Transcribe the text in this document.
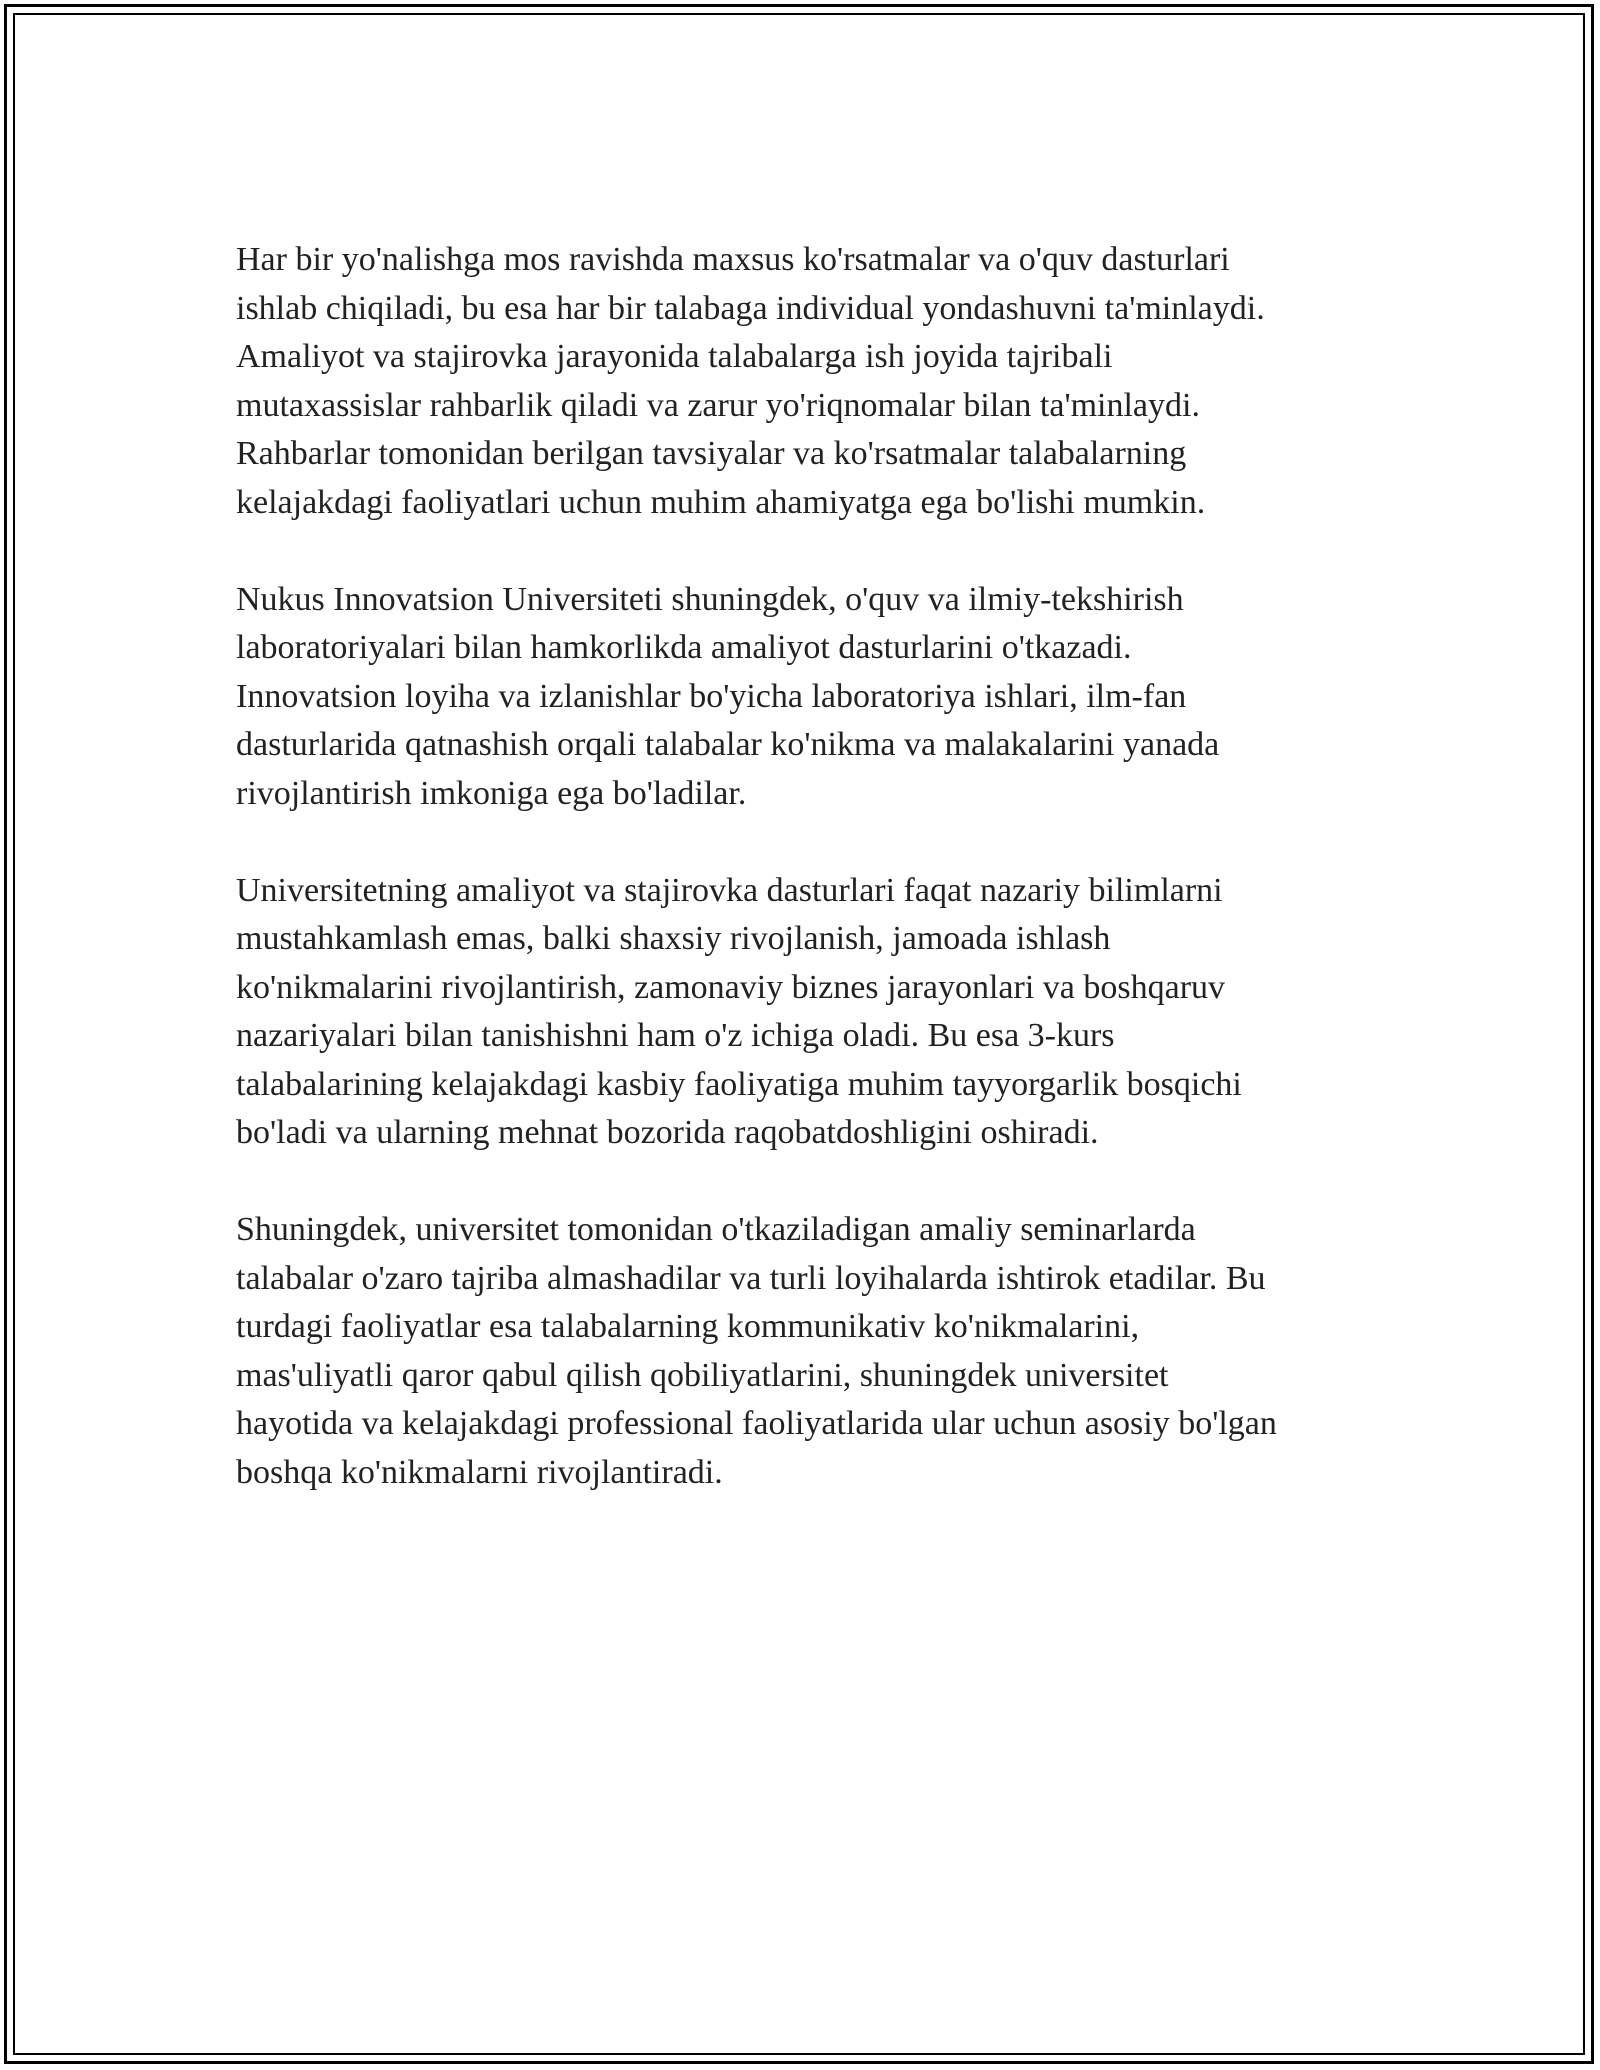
Har bir yo'nalishga mos ravishda maxsus ko'rsatmalar va o'quv dasturlari
ishlab chiqiladi, bu esa har bir talabaga individual yondashuvni ta'minlaydi.
Amaliyot va stajirovka jarayonida talabalarga ish joyida tajribali
mutaxassislar rahbarlik qiladi va zarur yo'riqnomalar bilan ta'minlaydi.
Rahbarlar tomonidan berilgan tavsiyalar va ko'rsatmalar talabalarning
kelajakdagi faoliyatlari uchun muhim ahamiyatga ega bo'lishi mumkin.

Nukus Innovatsion Universiteti shuningdek, o'quv va ilmiy-tekshirish
laboratoriyalari bilan hamkorlikda amaliyot dasturlarini o'tkazadi.
Innovatsion loyiha va izlanishlar bo'yicha laboratoriya ishlari, ilm-fan
dasturlarida qatnashish orqali talabalar ko'nikma va malakalarini yanada
rivojlantirish imkoniga ega bo'ladilar.

Universitetning amaliyot va stajirovka dasturlari faqat nazariy bilimlarni
mustahkamlash emas, balki shaxsiy rivojlanish, jamoada ishlash
ko'nikmalarini rivojlantirish, zamonaviy biznes jarayonlari va boshqaruv
nazariyalari bilan tanishishni ham o'z ichiga oladi. Bu esa 3-kurs
talabalarining kelajakdagi kasbiy faoliyatiga muhim tayyorgarlik bosqichi
bo'ladi va ularning mehnat bozorida raqobatdoshligini oshiradi.

Shuningdek, universitet tomonidan o'tkaziladigan amaliy seminarlarda
talabalar o'zaro tajriba almashadilar va turli loyihalarda ishtirok etadilar. Bu
turdagi faoliyatlar esa talabalarning kommunikativ ko'nikmalarini,
mas'uliyatli qaror qabul qilish qobiliyatlarini, shuningdek universitet
hayotida va kelajakdagi professional faoliyatlarida ular uchun asosiy bo'lgan
boshqa ko'nikmalarni rivojlantiradi.
